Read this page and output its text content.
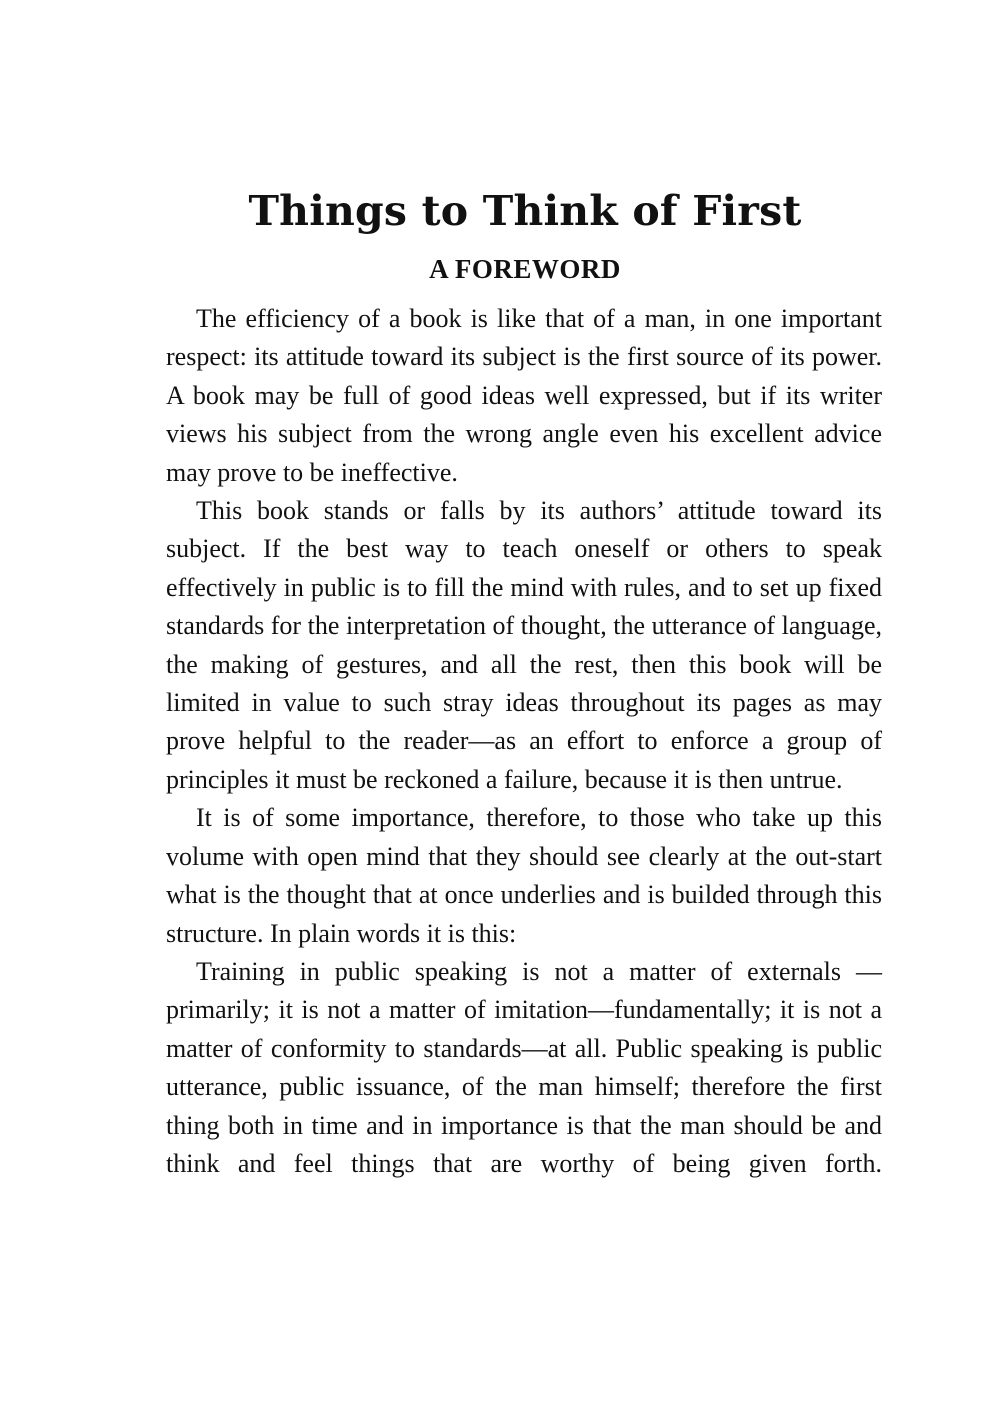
Things to Think of First
A FOREWORD

The efficiency of a book is like that of a man, in one important respect: its attitude toward its subject is the first source of its power. A book may be full of good ideas well expressed, but if its writer views his subject from the wrong angle even his excellent advice may prove to be ineffective.

This book stands or falls by its authors’ attitude toward its subject. If the best way to teach oneself or others to speak effectively in public is to fill the mind with rules, and to set up fixed standards for the interpretation of thought, the utterance of language, the making of gestures, and all the rest, then this book will be limited in value to such stray ideas throughout its pages as may prove helpful to the reader—as an effort to enforce a group of principles it must be reckoned a failure, because it is then untrue.

It is of some importance, therefore, to those who take up this volume with open mind that they should see clearly at the out-start what is the thought that at once underlies and is builded through this structure. In plain words it is this:

Training in public speaking is not a matter of externals —primarily; it is not a matter of imitation—fundamentally; it is not a matter of conformity to standards—at all. Public speaking is public utterance, public issuance, of the man himself; therefore the first thing both in time and in importance is that the man should be and think and feel things that are worthy of being given forth.
